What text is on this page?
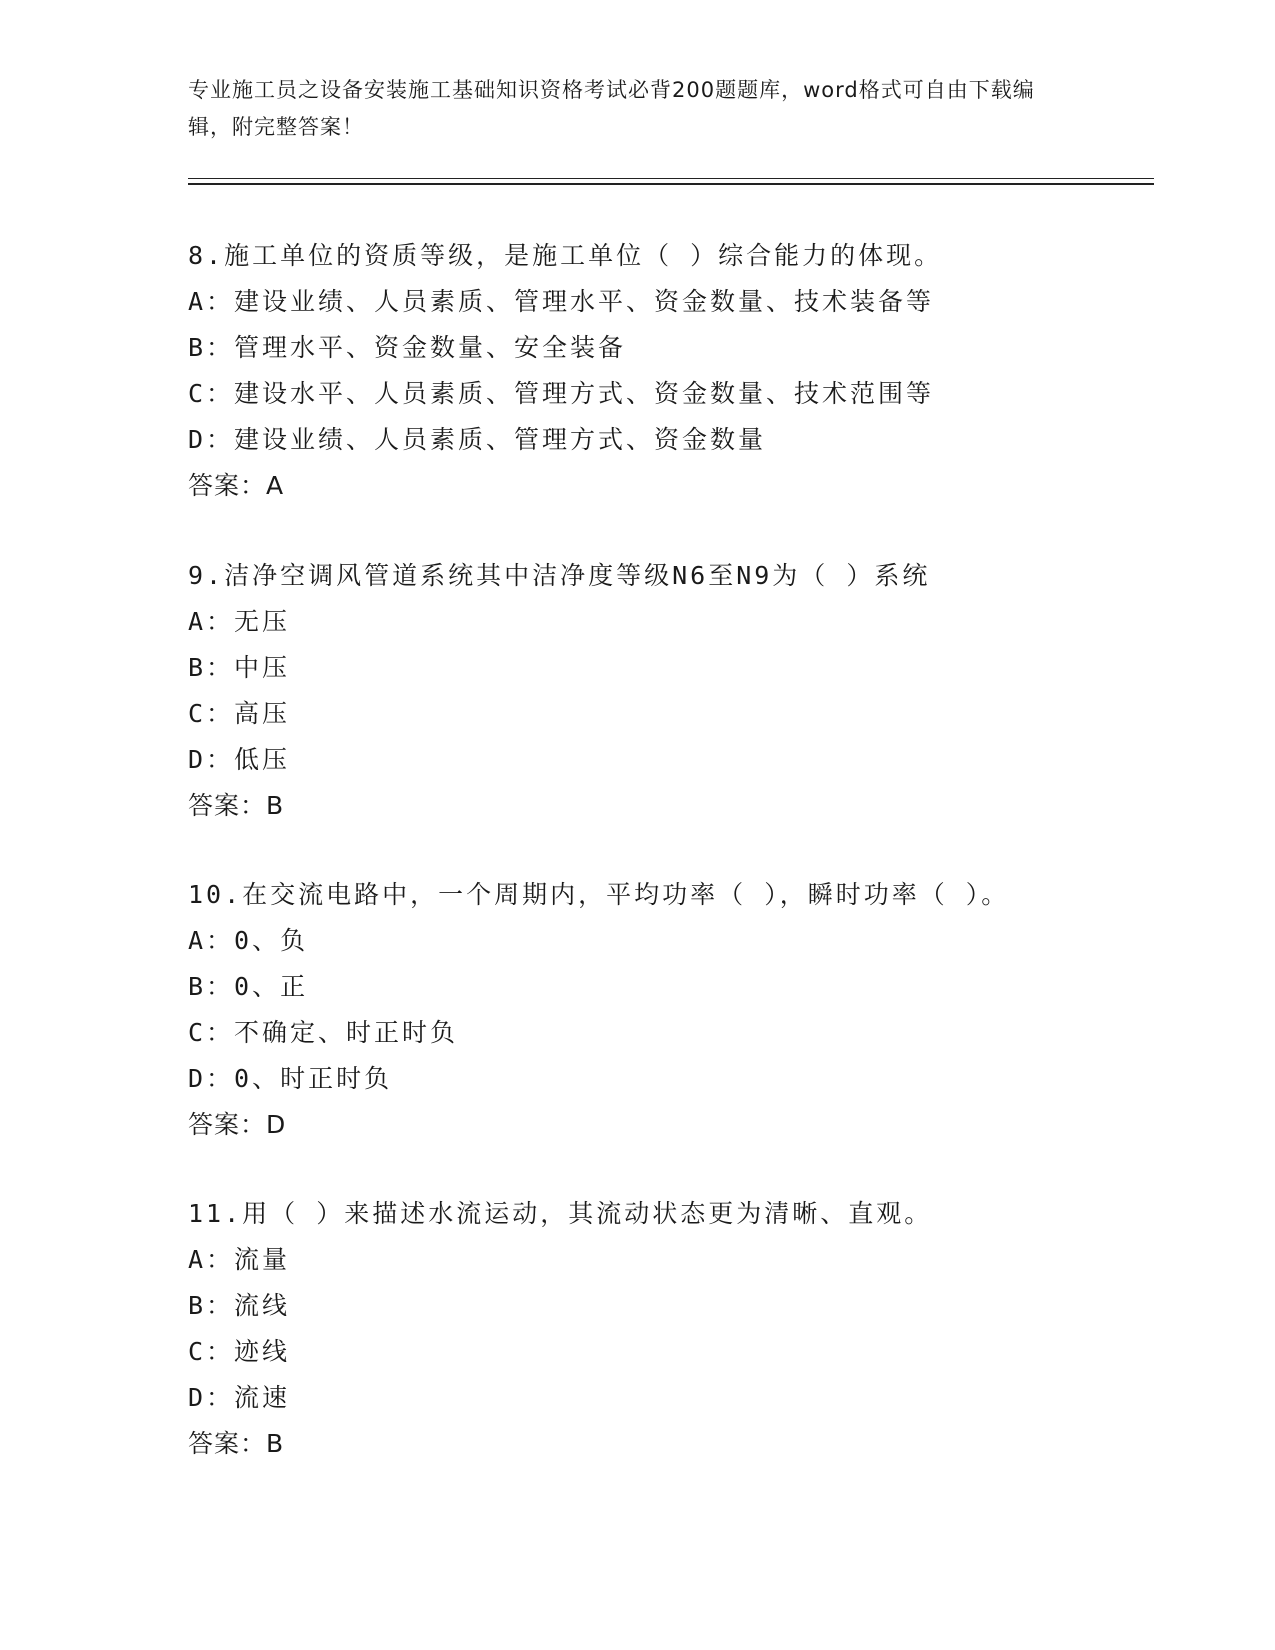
专业施工员之设备安装施工基础知识资格考试必背200题题库，word格式可自由下载编辑，附完整答案！
8.施工单位的资质等级，是施工单位（ ）综合能力的体现。
A：建设业绩、人员素质、管理水平、资金数量、技术装备等
B：管理水平、资金数量、安全装备
C：建设水平、人员素质、管理方式、资金数量、技术范围等
D：建设业绩、人员素质、管理方式、资金数量
答案：A
9.洁净空调风管道系统其中洁净度等级N6至N9为（ ）系统
A：无压
B：中压
C：高压
D：低压
答案：B
10.在交流电路中，一个周期内，平均功率（ ），瞬时功率（ ）。
A：0、负
B：0、正
C：不确定、时正时负
D：0、时正时负
答案：D
11.用（ ）来描述水流运动，其流动状态更为清晰、直观。
A：流量
B：流线
C：迹线
D：流速
答案：B
